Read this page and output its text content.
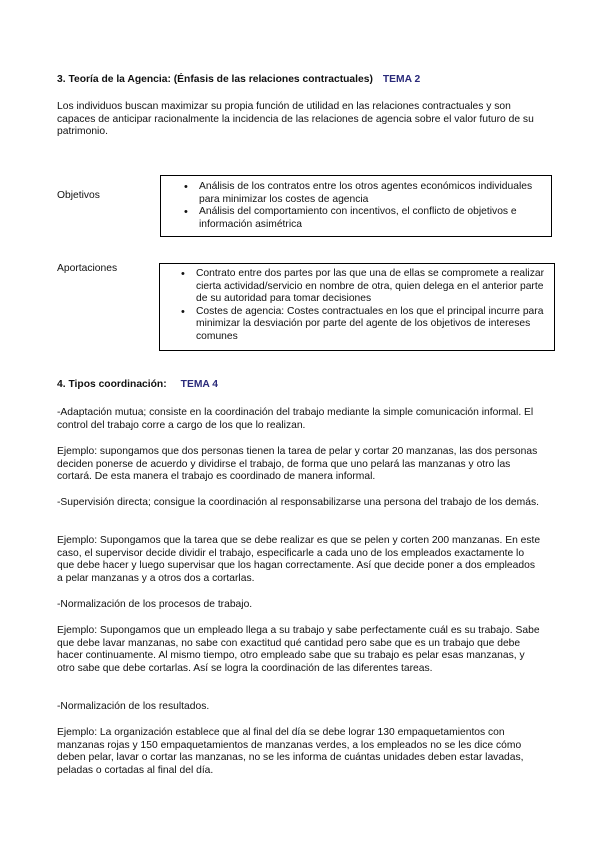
3. Teoría de la Agencia: (Énfasis de las relaciones contractuales) TEMA 2
Los individuos buscan maximizar su propia función de utilidad en las relaciones contractuales y son capaces de anticipar racionalmente la incidencia de las relaciones de agencia sobre el valor futuro de su patrimonio.
Objetivos
• Análisis de los contratos entre los otros agentes económicos individuales para minimizar los costes de agencia
• Análisis del comportamiento con incentivos, el conflicto de objetivos e información asimétrica
Aportaciones
•	Contrato entre dos partes por las que una de ellas se compromete a realizar cierta actividad/servicio en nombre de otra, quien delega en el anterior parte de su autoridad para tomar decisiones
• Costes de agencia: Costes contractuales en los que el principal incurre para minimizar la desviación por parte del agente de los objetivos de intereses comunes
4. Tipos coordinación: TEMA 4
-Adaptación mutua; consiste en la coordinación del trabajo mediante la simple comunicación informal. El control del trabajo corre a cargo de los que lo realizan.
Ejemplo: supongamos que dos personas tienen la tarea de pelar y cortar 20 manzanas, las dos personas deciden ponerse de acuerdo y dividirse el trabajo, de forma que uno pelará las manzanas y otro las cortará. De esta manera el trabajo es coordinado de manera informal.
-Supervisión directa; consigue la coordinación al responsabilizarse una persona del trabajo de los demás.
Ejemplo: Supongamos que la tarea que se debe realizar es que se pelen y corten 200 manzanas. En este caso, el supervisor decide dividir el trabajo, especificarle a cada uno de los empleados exactamente lo que debe hacer y luego supervisar que los hagan correctamente. Así que decide poner a dos empleados a pelar manzanas y a otros dos a cortarlas.
-Normalización de los procesos de trabajo.
Ejemplo: Supongamos que un empleado llega a su trabajo y sabe perfectamente cuál es su trabajo. Sabe que debe lavar manzanas, no sabe con exactitud qué cantidad pero sabe que es un trabajo que debe hacer continuamente. Al mismo tiempo, otro empleado sabe que su trabajo es pelar esas manzanas, y otro sabe que debe cortarlas. Así se logra la coordinación de las diferentes tareas.
-Normalización de los resultados.
Ejemplo: La organización establece que al final del día se debe lograr 130 empaquetamientos con manzanas rojas y 150 empaquetamientos de manzanas verdes, a los empleados no se les dice cómo deben pelar, lavar o cortar las manzanas, no se les informa de cuántas unidades deben estar lavadas, peladas o cortadas al final del día.
